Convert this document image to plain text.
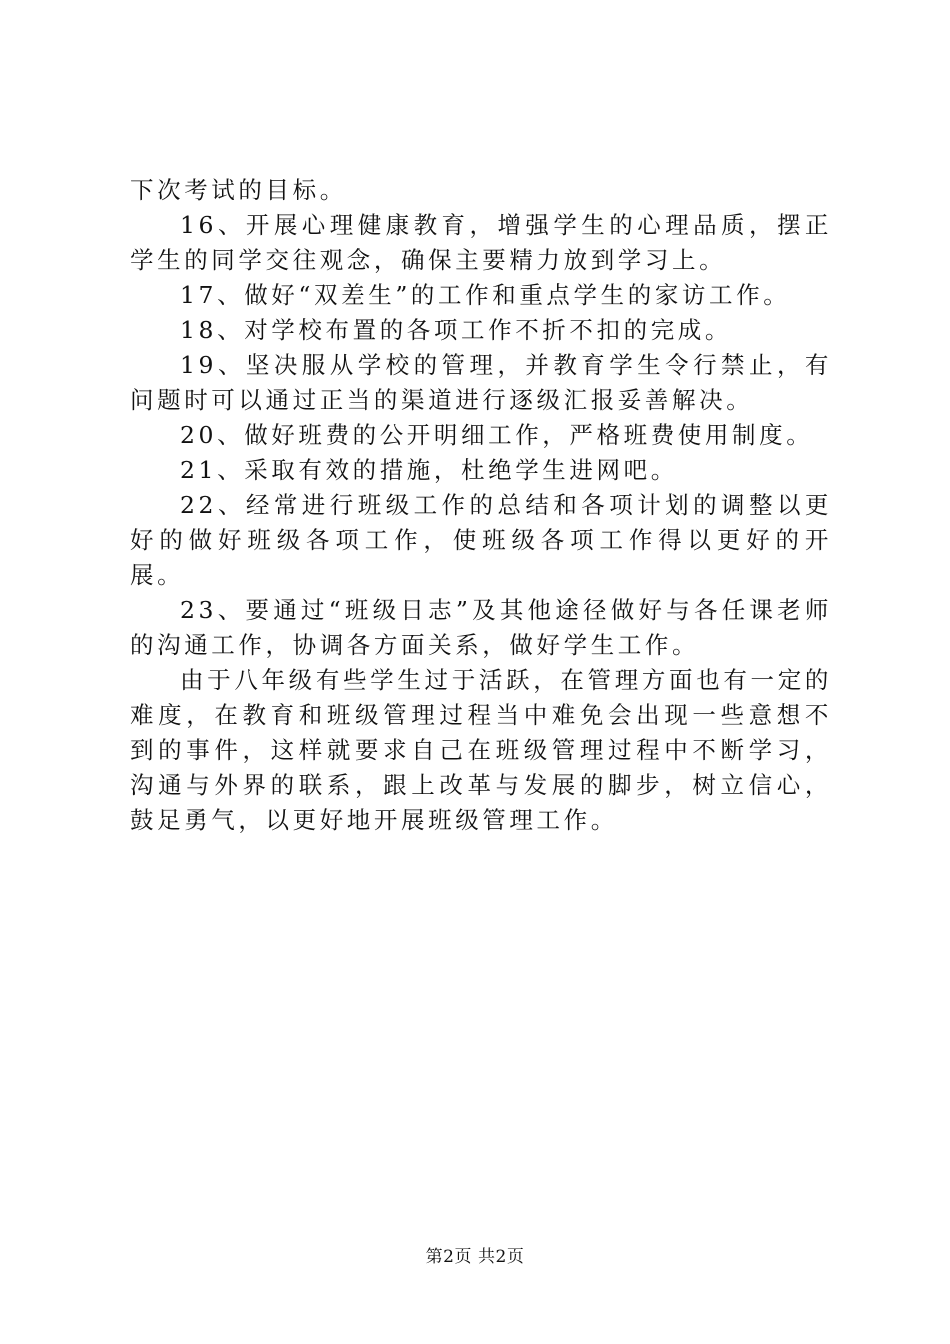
下次考试的目标。

16、开展心理健康教育，增强学生的心理品质，摆正学生的同学交往观念，确保主要精力放到学习上。

17、做好“双差生”的工作和重点学生的家访工作。

18、对学校布置的各项工作不折不扣的完成。

19、坚决服从学校的管理，并教育学生令行禁止，有问题时可以通过正当的渠道进行逐级汇报妥善解决。

20、做好班费的公开明细工作，严格班费使用制度。

21、采取有效的措施，杜绝学生进网吧。

22、经常进行班级工作的总结和各项计划的调整以更好的做好班级各项工作，使班级各项工作得以更好的开展。

23、要通过“班级日志”及其他途径做好与各任课老师的沟通工作，协调各方面关系，做好学生工作。

由于八年级有些学生过于活跃，在管理方面也有一定的难度，在教育和班级管理过程当中难免会出现一些意想不到的事件，这样就要求自己在班级管理过程中不断学习，沟通与外界的联系，跟上改革与发展的脚步，树立信心，鼓足勇气，以更好地开展班级管理工作。

第2页 共2页
